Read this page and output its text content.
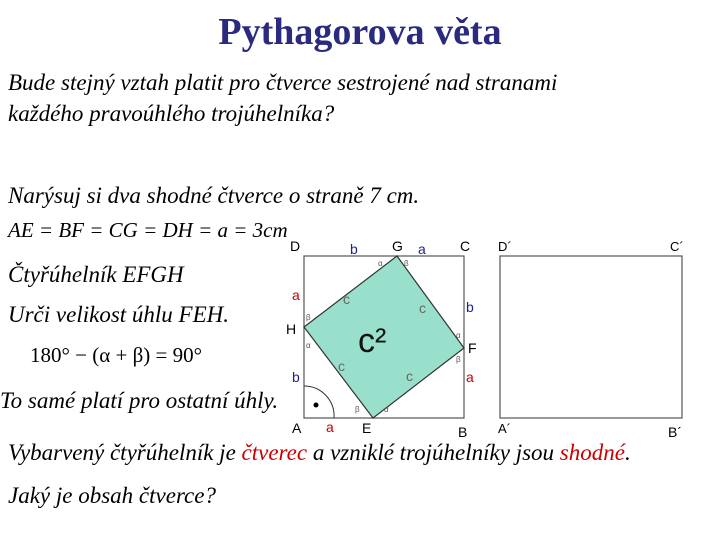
Pythagorova věta
Bude stejný vztah platit pro čtverce sestrojené nad stranami
každého pravoúhlého trojúhelníka?
Narýsuj si dva shodné čtverce o straně 7 cm.
AE = BF = CG = DH = a = 3cm
Čtyřúhelník EFGH
Urči velikost úhlu FEH.
180° − (α + β) = 90°
To samé platí pro ostatní úhly.
D	G	C
H
F
A	E	B
D´	C´
A´	B´
a
a
a
a
b
b
b
c
c
c
c
α	β
β
α
α
β
β	α
c²
Vybarvený čtyřúhelník je čtverec a vzniklé trojúhelníky jsou shodné.
Jaký je obsah čtverce?
